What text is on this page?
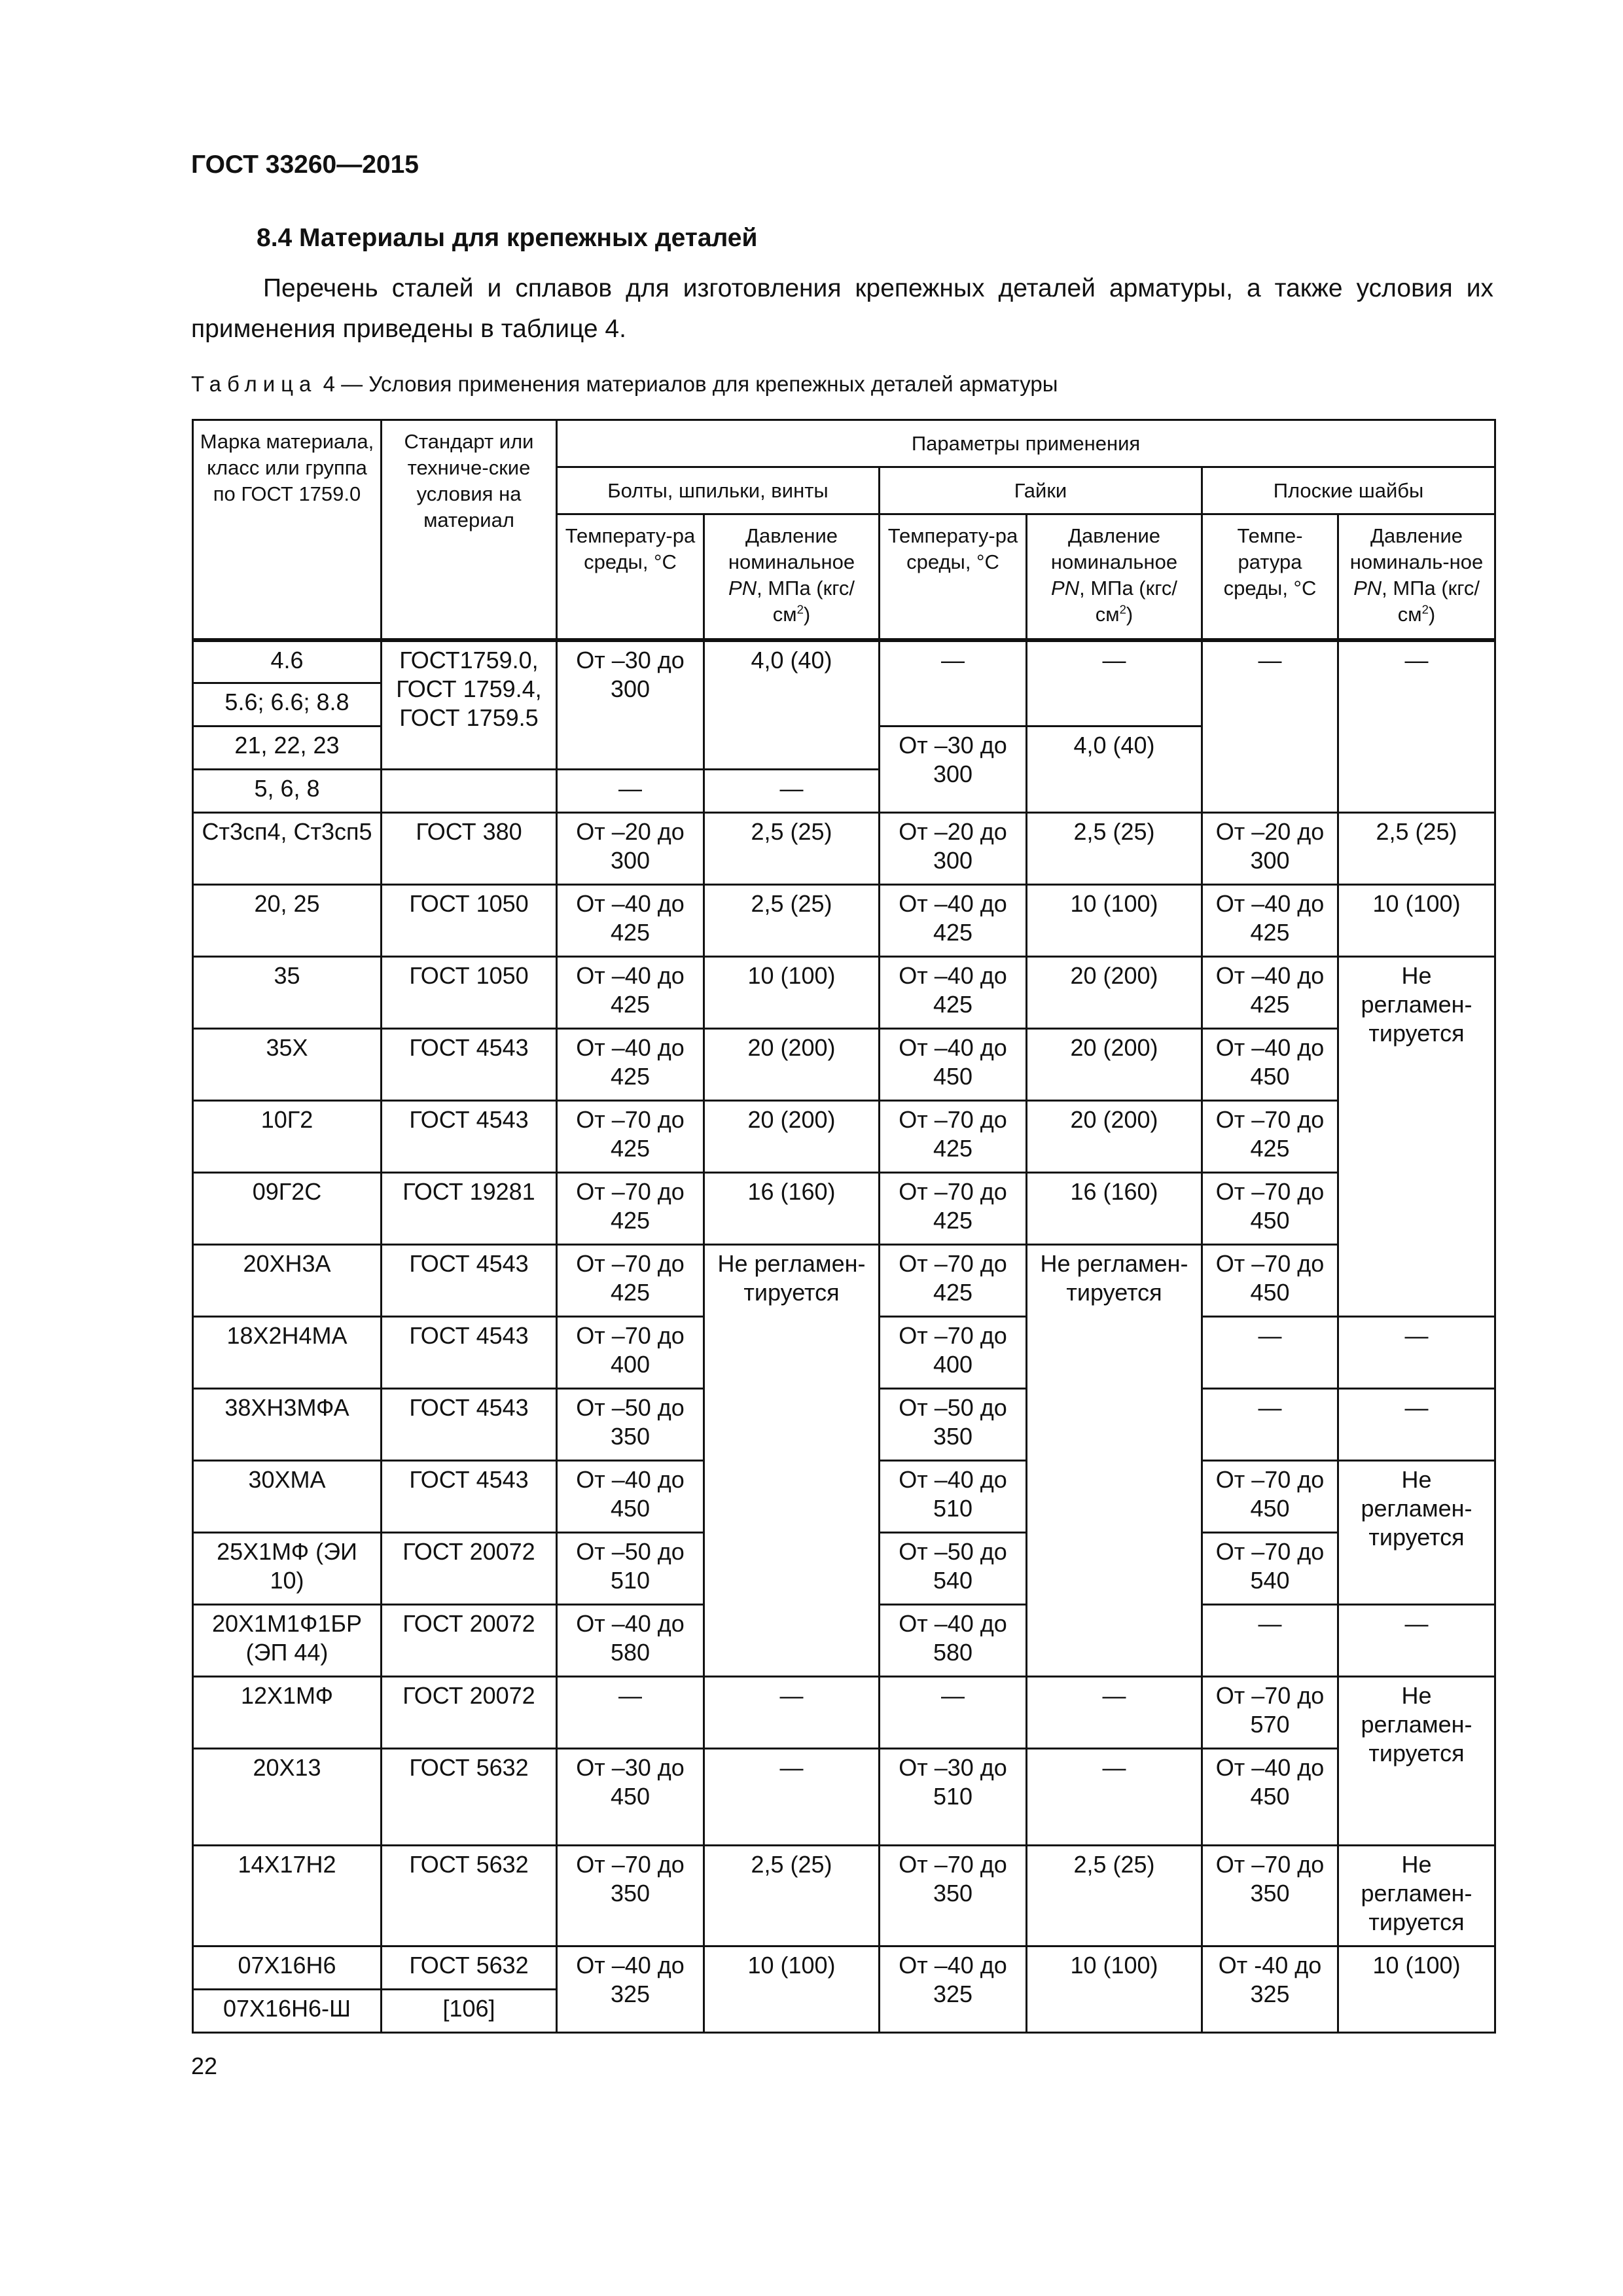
ГОСТ 33260—2015
8.4 Материалы для крепежных деталей
Перечень сталей и сплавов для изготовления крепежных деталей арматуры, а также условия их применения приведены в таблице 4.
Таблица 4 — Условия применения материалов для крепежных деталей арматуры
Марка материала, класс или группа по ГОСТ 1759.0	Стандарт или техниче-ские условия на материал	Параметры применения					
		Болты, шпильки, винты		Гайки		Плоские шайбы	
		Температу-ра среды, °С	Давление номинальное PN, МПа (кгс/ $см^2$)	Температу-ра среды, °С	Давление номинальное PN, МПа (кгс/ $см^2$)	Темпе-ратура среды, °С	Давление номиналь-ное PN, МПа $(кгс/см^2)$
4.6	ГОСТ1759.0, ГОСТ 1759.4, ГОСТ 1759.5	От –30 до 300	4,0 (40)	—	—	—	—
5.6; 6.6; 8.8							
21, 22, 23				От –30 до 300	4,0 (40)		
5, 6, 8		—	—				
Ст3сп4, Ст3сп5	ГОСТ 380	От –20 до 300	2,5 (25)	От –20 до 300	2,5 (25)	От –20 до 300	2,5 (25)
20, 25	ГОСТ 1050	От –40 до 425	2,5 (25)	От –40 до 425	10 (100)	От –40 до 425	10 (100)
35	ГОСТ 1050	От –40 до 425	10 (100)	От –40 до 425	20 (200)	От –40 до 425	Не регламен-тируется
35Х	ГОСТ 4543	От –40 до 425	20 (200)	От –40 до 450	20 (200)	От –40 до 450	
10Г2	ГОСТ 4543	От –70 до 425	20 (200)	От –70 до 425	20 (200)	От –70 до 425	
09Г2С	ГОСТ 19281	От –70 до 425	16 (160)	От –70 до 425	16 (160)	От –70 до 450	
20ХН3А	ГОСТ 4543	От –70 до 425	Не регламен-тируется	От –70 до 425	Не регламен-тируется	От –70 до 450	
18Х2Н4МА	ГОСТ 4543	От –70 до 400		От –70 до 400		—	—
38ХН3МФА	ГОСТ 4543	От –50 до 350		От –50 до 350		—	—
30ХМА	ГОСТ 4543	От –40 до 450		От –40 до 510		От –70 до 450	Не регламен-тируется
25Х1МФ (ЭИ 10)	ГОСТ 20072	От –50 до 510		От –50 до 540		От –70 до 540	
20Х1М1Ф1БР (ЭП 44)	ГОСТ 20072	От –40 до 580		От –40 до 580		—	—
12Х1МФ	ГОСТ 20072	—	—	—	—	От –70 до 570	Не регламен-тируется
20Х13	ГОСТ 5632	От –30 до 450	—	От –30 до 510	—	От –40 до 450	
14Х17Н2	ГОСТ 5632	От –70 до 350	2,5 (25)	От –70 до 350	2,5 (25)	От –70 до 350	Не регламен-тируется
07Х16Н6	ГОСТ 5632	От –40 до 325	10 (100)	От –40 до 325	10 (100)	От -40 до 325	10 (100)
07Х16Н6-Ш	[106]						
22
